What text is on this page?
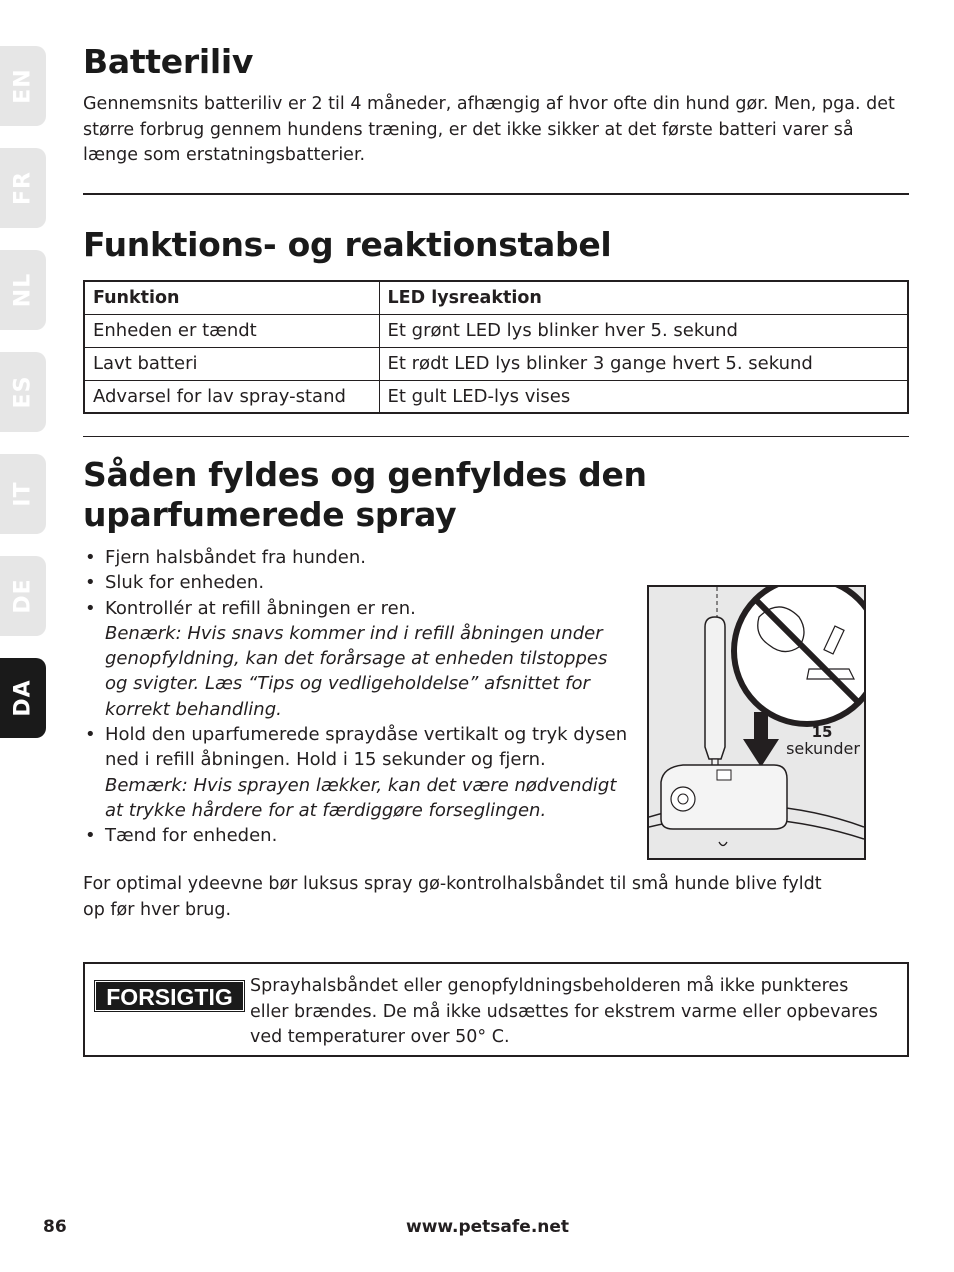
EN
FR
NL
ES
IT
DE
DA
Batteriliv

Gennemsnits batteriliv er 2 til 4 måneder, afhængig af hvor ofte din hund gør. Men, pga. det større forbrug gennem hundens træning, er det ikke sikker at det første batteri varer så længe som erstatningsbatterier.

Funktions- og reaktionstabel
Funktion	LED lysreaktion
Enheden er tændt	Et grønt LED lys blinker hver 5. sekund
Lavt batteri	Et rødt LED lys blinker 3 gange hvert 5. sekund
Advarsel for lav spray-stand	Et gult LED-lys vises
Såden fyldes og genfyldes den
uparfumerede spray
• Fjern halsbåndet fra hunden.
• Sluk for enheden.
• Kontrollér at refill åbningen er ren.
Benærk: Hvis snavs kommer ind i refill åbningen under genopfyldning, kan det forårsage at enheden tilstoppes og svigter. Læs “Tips og vedligeholdelse” afsnittet for korrekt behandling.
• Hold den uparfumerede spraydåse vertikalt og tryk dysen ned i refill åbningen. Hold i 15 sekunder og fjern.
Bemærk: Hvis sprayen lækker, kan det være nødvendigt at trykke hårdere for at færdiggøre forseglingen.
• Tænd for enheden.
15
sekunder

For optimal ydeevne bør luksus spray gø-kontrolhalsbåndet til små hunde blive fyldt op før hver brug.

FORSIGTIG Sprayhalsbåndet eller genopfyldningsbeholderen må ikke punkteres eller brændes. De må ikke udsættes for ekstrem varme eller opbevares ved temperaturer over 50° C.
86	www.petsafe.net
